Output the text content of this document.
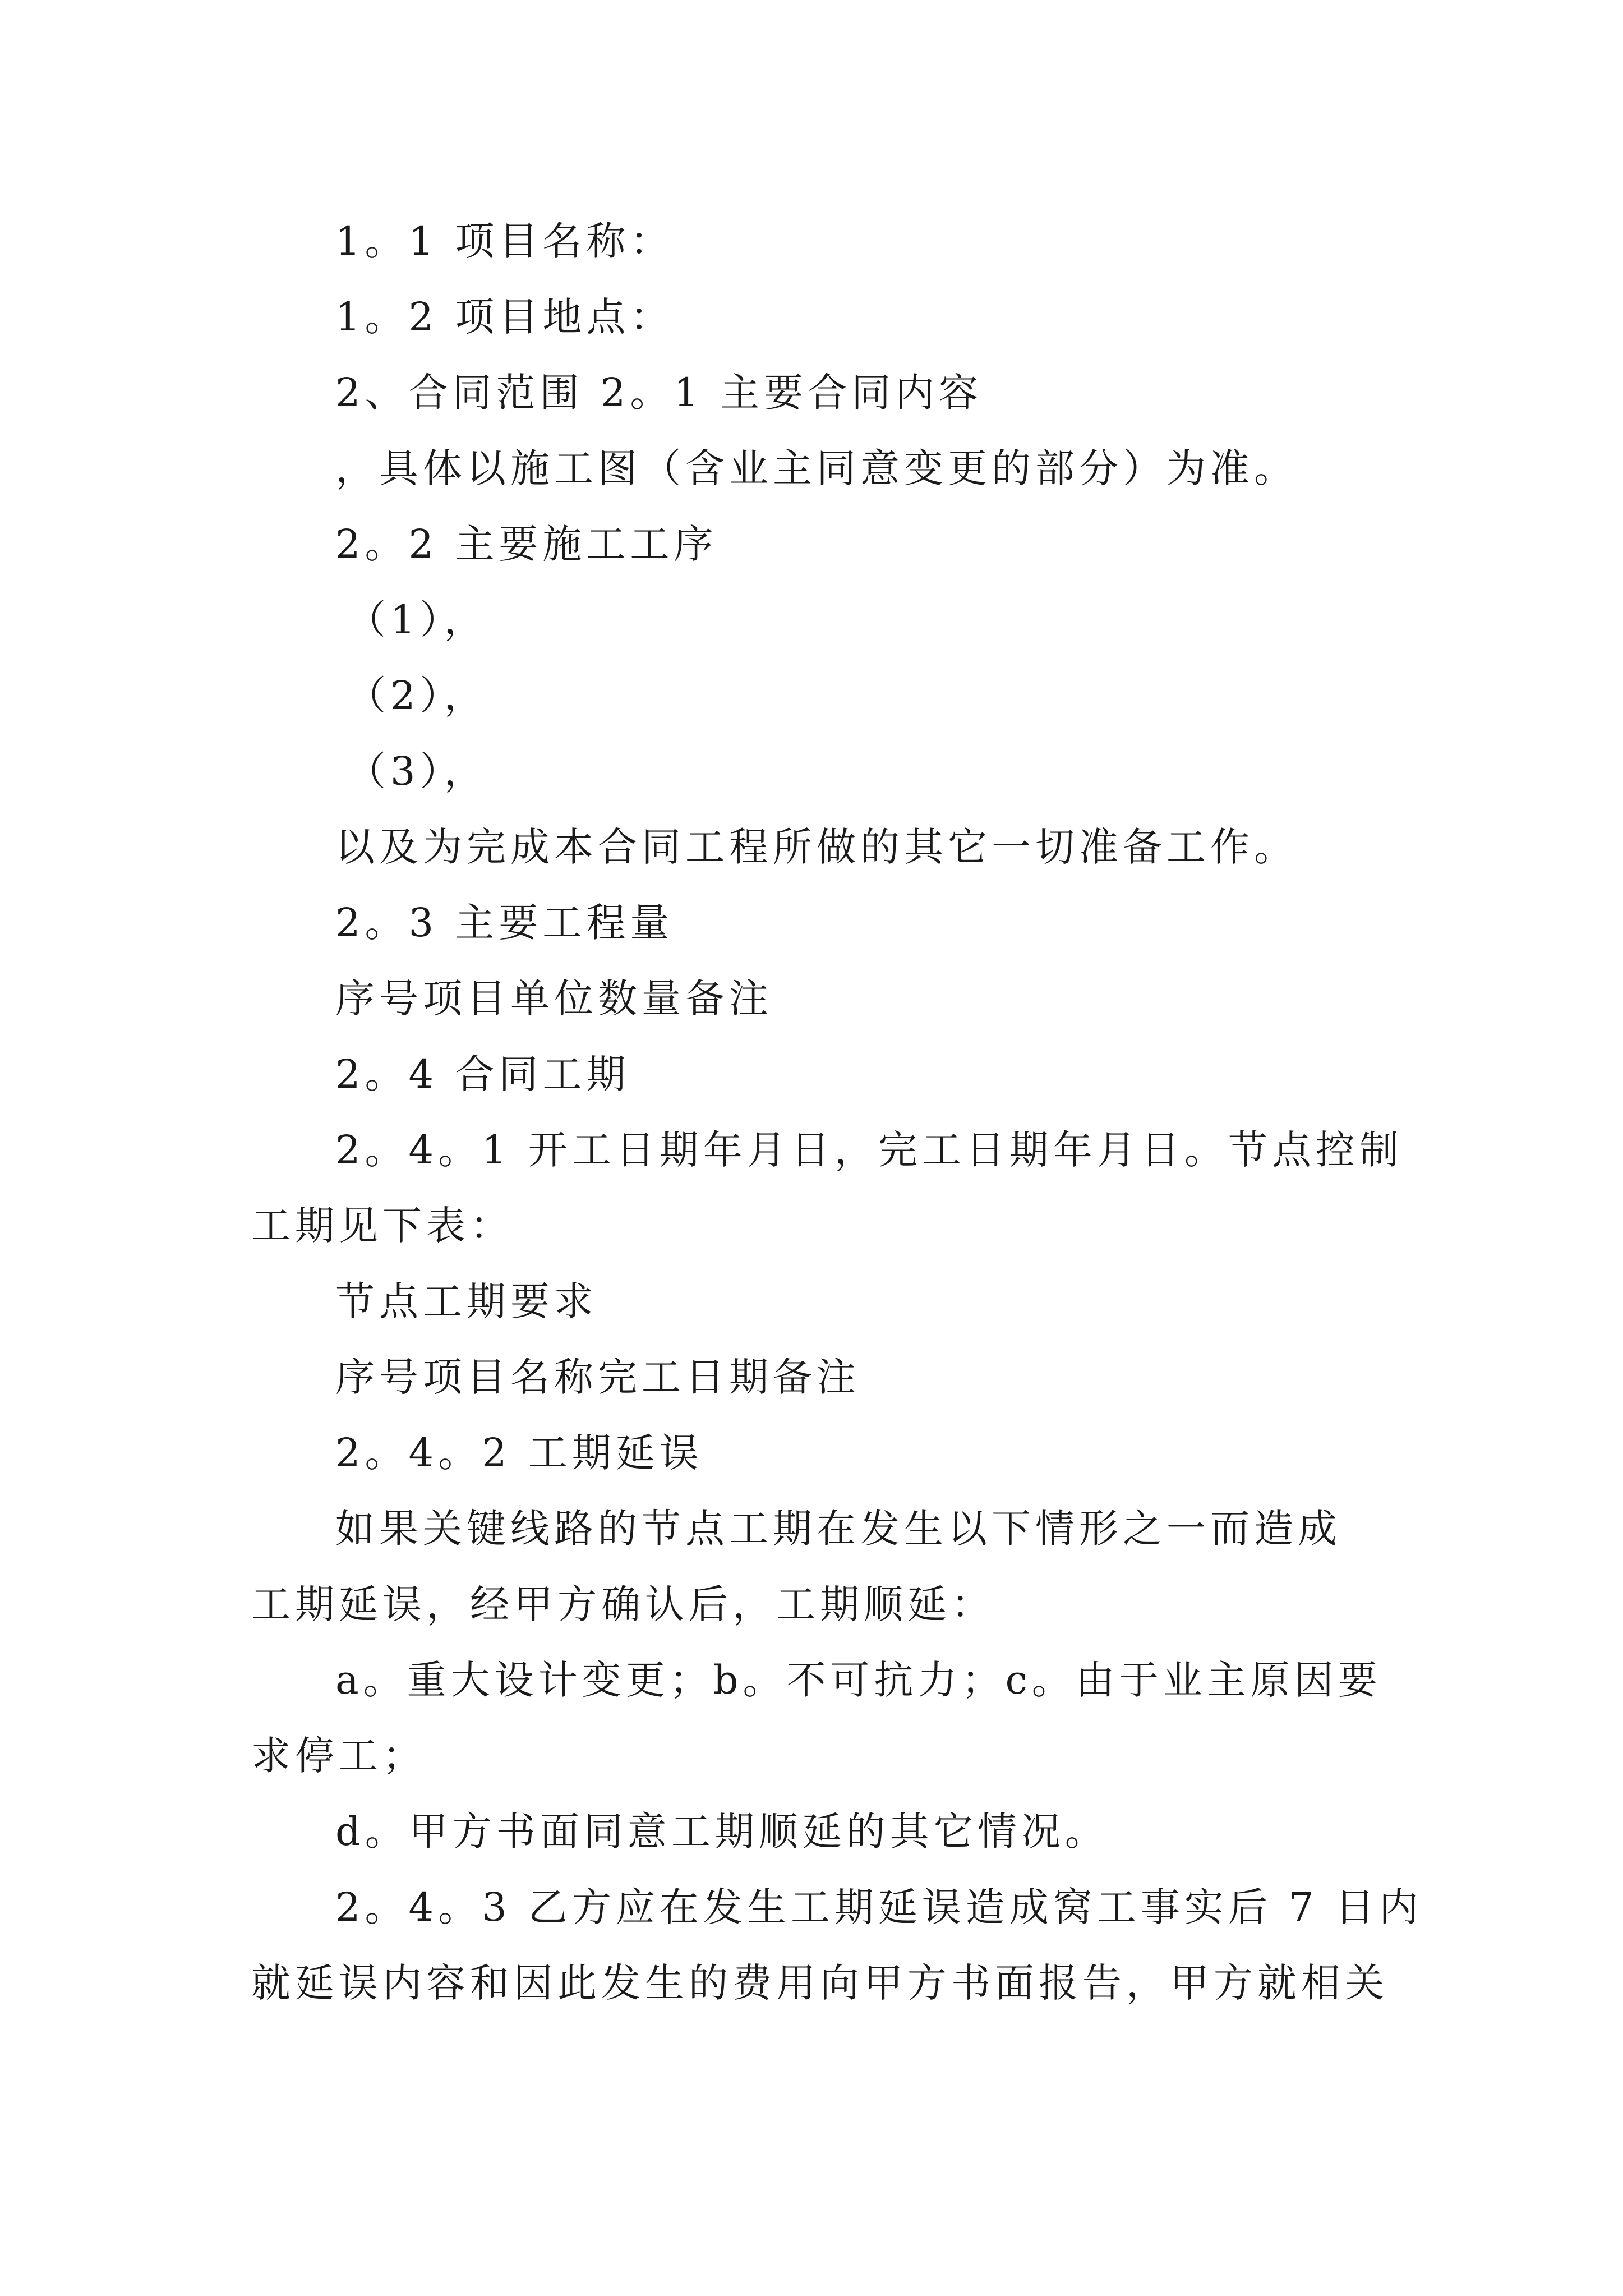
1。1 项目名称：
1。2 项目地点：
2、合同范围 2。1 主要合同内容
，具体以施工图（含业主同意变更的部分）为准。
2。2 主要施工工序
（1），
（2），
（3），
以及为完成本合同工程所做的其它一切准备工作。
2。3 主要工程量
序号项目单位数量备注
2。4 合同工期
2。4。1 开工日期年月日，完工日期年月日。节点控制
工期见下表：
节点工期要求
序号项目名称完工日期备注
2。4。2 工期延误
如果关键线路的节点工期在发生以下情形之一而造成
工期延误，经甲方确认后，工期顺延：
a。重大设计变更；b。不可抗力；c。由于业主原因要
求停工；
d。甲方书面同意工期顺延的其它情况。
2。4。3 乙方应在发生工期延误造成窝工事实后 7 日内
就延误内容和因此发生的费用向甲方书面报告，甲方就相关
